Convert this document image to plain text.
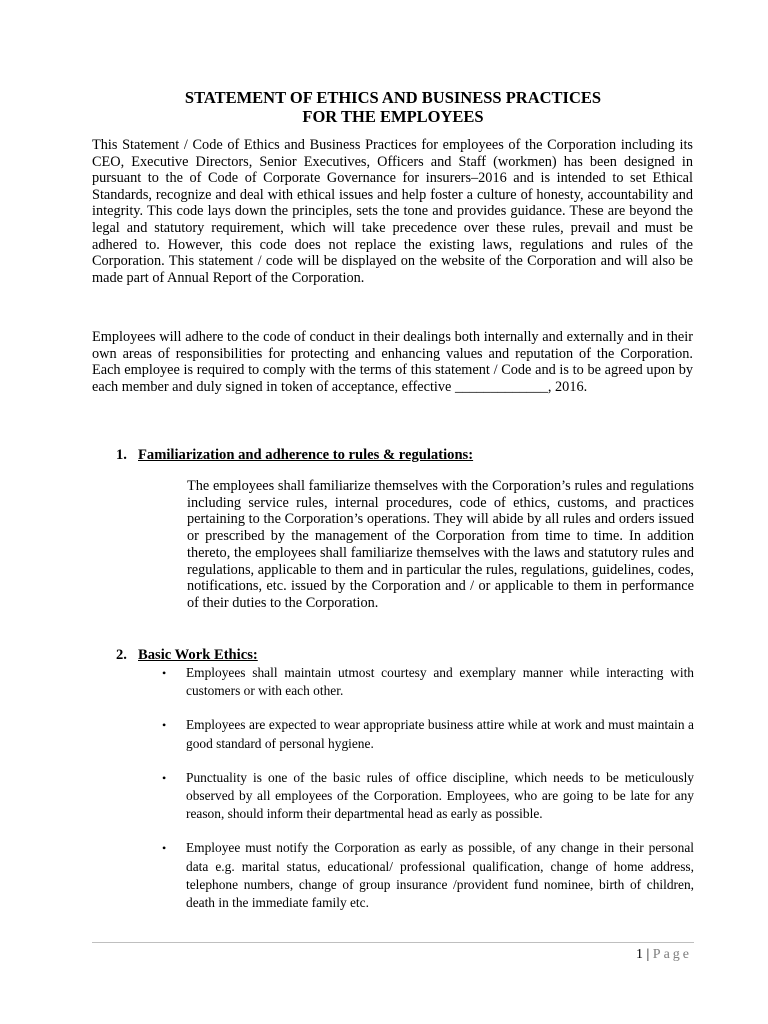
STATEMENT OF ETHICS AND BUSINESS PRACTICES
FOR THE EMPLOYEES

This Statement / Code of Ethics and Business Practices for employees of the Corporation including its CEO, Executive Directors, Senior Executives, Officers and Staff (workmen) has been designed in pursuant to the of Code of Corporate Governance for insurers–2016 and is intended to set Ethical Standards, recognize and deal with ethical issues and help foster a culture of honesty, accountability and integrity. This code lays down the principles, sets the tone and provides guidance. These are beyond the legal and statutory requirement, which will take precedence over these rules, prevail and must be adhered to. However, this code does not replace the existing laws, regulations and rules of the Corporation. This statement / code will be displayed on the website of the Corporation and will also be made part of Annual Report of the Corporation.

Employees will adhere to the code of conduct in their dealings both internally and externally and in their own areas of responsibilities for protecting and enhancing values and reputation of the Corporation. Each employee is required to comply with the terms of this statement / Code and is to be agreed upon by each member and duly signed in token of acceptance, effective _____________, 2016.

1. Familiarization and adherence to rules & regulations:

The employees shall familiarize themselves with the Corporation’s rules and regulations including service rules, internal procedures, code of ethics, customs, and practices pertaining to the Corporation’s operations. They will abide by all rules and orders issued or prescribed by the management of the Corporation from time to time. In addition thereto, the employees shall familiarize themselves with the laws and statutory rules and regulations, applicable to them and in particular the rules, regulations, guidelines, codes, notifications, etc. issued by the Corporation and / or applicable to them in performance of their duties to the Corporation.

2. Basic Work Ethics:
• Employees shall maintain utmost courtesy and exemplary manner while interacting with customers or with each other.
• Employees are expected to wear appropriate business attire while at work and must maintain a good standard of personal hygiene.
• Punctuality is one of the basic rules of office discipline, which needs to be meticulously observed by all employees of the Corporation. Employees, who are going to be late for any reason, should inform their departmental head as early as possible.
• Employee must notify the Corporation as early as possible, of any change in their personal data e.g. marital status, educational/ professional qualification, change of home address, telephone numbers, change of group insurance /provident fund nominee, birth of children, death in the immediate family etc.
1 | Page
